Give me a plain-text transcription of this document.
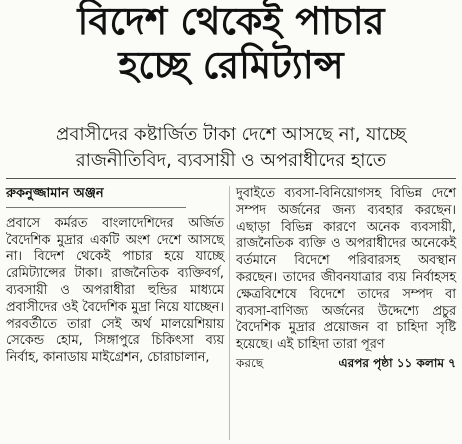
বিদেশ থেকেই পাচার
হচ্ছে রেমিট্যান্স
প্রবাসীদের কষ্টার্জিত টাকা দেশে আসছে না, যাচ্ছে
রাজনীতিবিদ, ব্যবসায়ী ও অপরাধীদের হাতে
রুকনুজ্জামান অঞ্জন
প্রবাসে কর্মরত বাংলাদেশিদের অর্জিত বৈদেশিক মুদ্রার একটি অংশ দেশে আসছে না। বিদেশ থেকেই পাচার হয়ে যাচ্ছে রেমিট্যান্সের টাকা। রাজনৈতিক ব্যক্তিবর্গ, ব্যবসায়ী ও অপরাধীরা হুন্ডির মাধ্যমে প্রবাসীদের ওই বৈদেশিক মুদ্রা নিয়ে যাচ্ছেন। পরবর্তীতে তারা সেই অর্থ মালয়েশিয়ায় সেকেন্ড হোম, সিঙ্গাপুরে চিকিৎসা ব্যয় নির্বাহ, কানাডায় মাইগ্রেশন, চোরাচালান,
দুবাইতে ব্যবসা-বিনিয়োগসহ বিভিন্ন দেশে সম্পদ অর্জনের জন্য ব্যবহার করছেন। এছাড়া বিভিন্ন কারণে অনেক ব্যবসায়ী, রাজনৈতিক ব্যক্তি ও অপরাধীদের অনেকেই বর্তমানে বিদেশে পরিবারসহ অবস্থান করছেন। তাদের জীবনযাত্রার ব্যয় নির্বাহসহ ক্ষেত্রবিশেষে বিদেশে তাদের সম্পদ বা ব্যবসা-বাণিজ্য অর্জনের উদ্দেশ্যে প্রচুর বৈদেশিক মুদ্রার প্রয়োজন বা চাহিদা সৃষ্টি হয়েছে। এই চাহিদা তারা পূরণ
করছে	এরপর পৃষ্ঠা ১১ কলাম ৭
